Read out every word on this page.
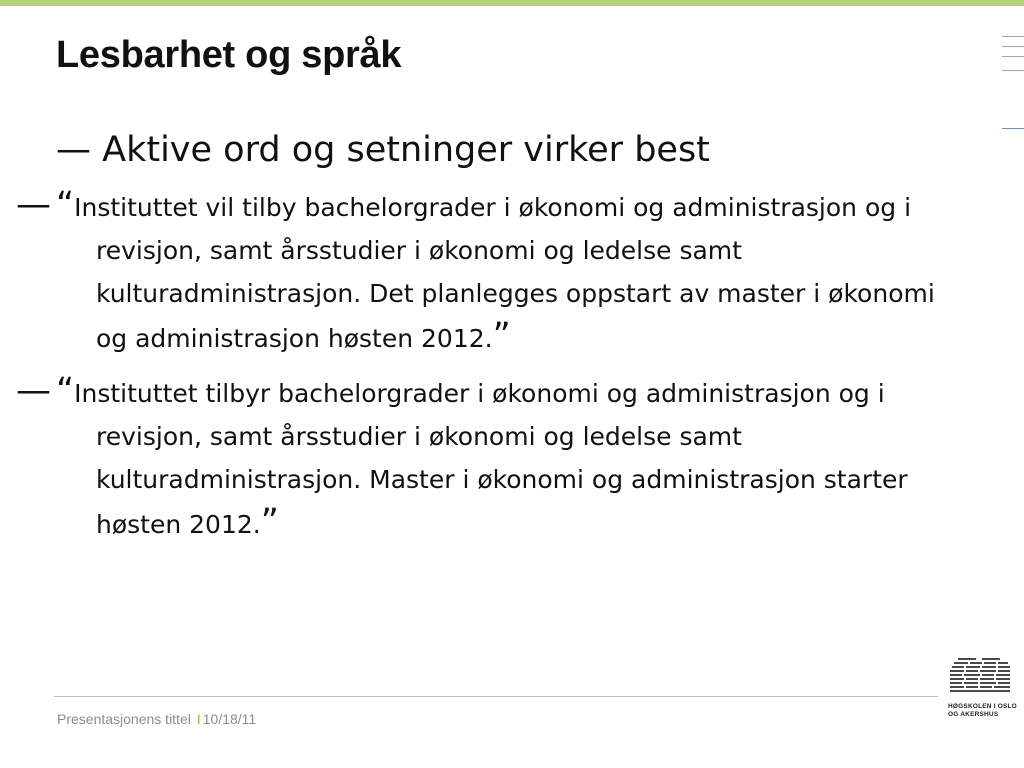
Lesbarhet og språk
— Aktive ord og setninger virker best
— “Instituttet vil tilby bachelorgrader i økonomi og administrasjon og i revisjon, samt årsstudier i økonomi og ledelse samt kulturadministrasjon. Det planlegges oppstart av master i økonomi og administrasjon høsten 2012.”
— “Instituttet tilbyr bachelorgrader i økonomi og administrasjon og i revisjon, samt årsstudier i økonomi og ledelse samt kulturadministrasjon. Master i økonomi og administrasjon starter høsten 2012.”
Presentasjonens tittel I 10/18/11
HØGSKOLEN I OSLO
OG AKERSHUS
